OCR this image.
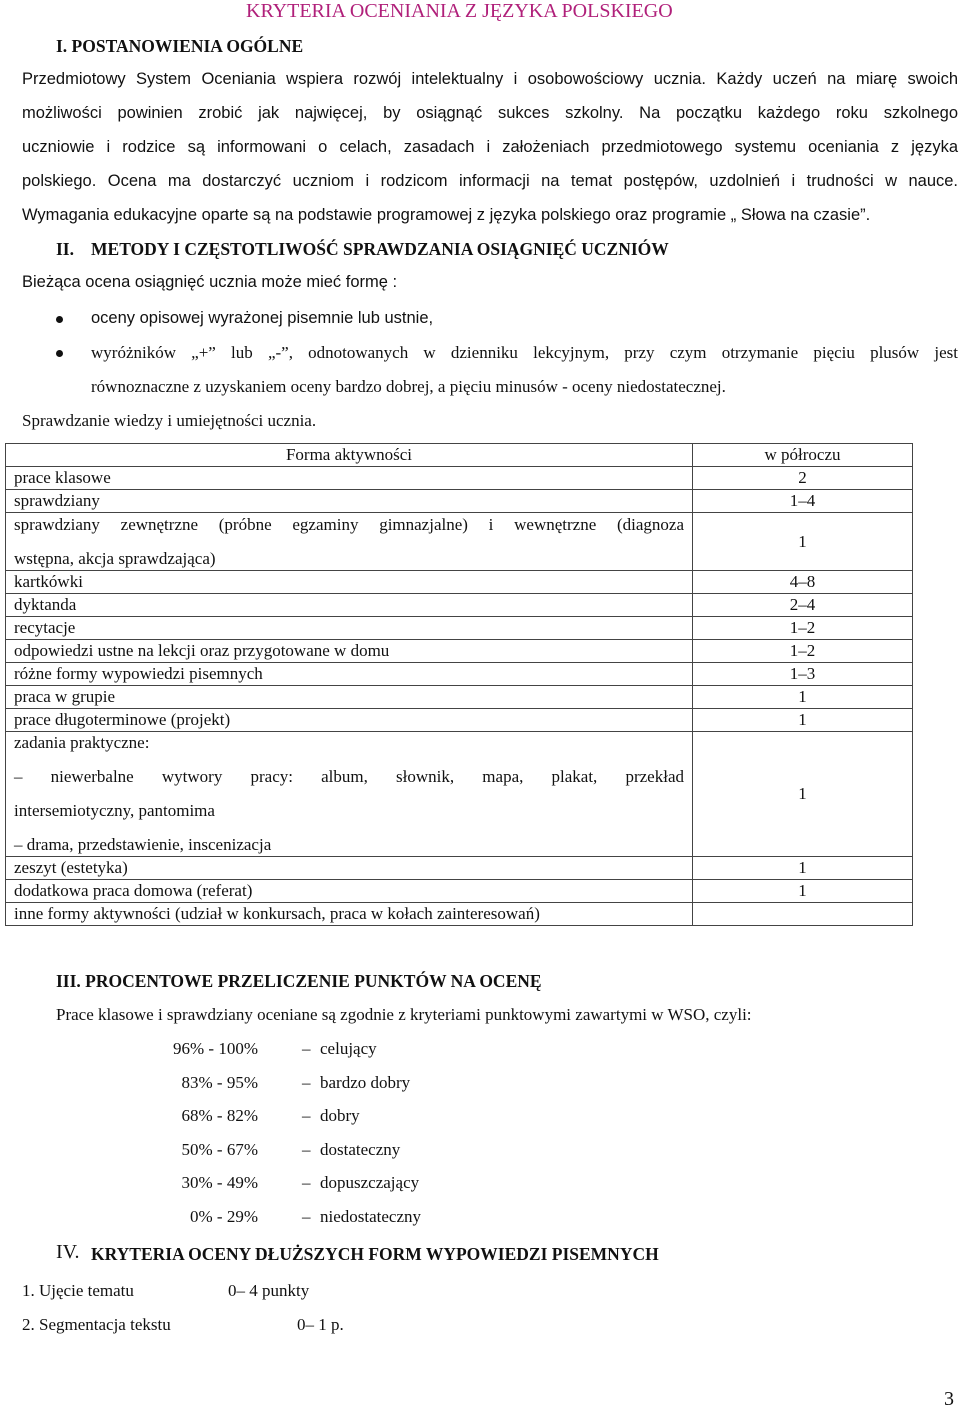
KRYTERIA OCENIANIA Z JĘZYKA POLSKIEGO
I. POSTANOWIENIA OGÓLNE
Przedmiotowy System Oceniania wspiera rozwój intelektualny i osobowościowy ucznia. Każdy uczeń na miarę swoich
możliwości powinien zrobić jak najwięcej, by osiągnąć sukces szkolny. Na początku każdego roku szkolnego
uczniowie i rodzice są informowani o celach, zasadach i założeniach przedmiotowego systemu oceniania z języka
polskiego. Ocena ma dostarczyć uczniom i rodzicom informacji na temat postępów, uzdolnień i trudności w nauce.
Wymagania edukacyjne oparte są na podstawie programowej z języka polskiego oraz programie „ Słowa na czasie”.
II. METODY I CZĘSTOTLIWOŚĆ SPRAWDZANIA OSIĄGNIĘĆ UCZNIÓW
Bieżąca ocena osiągnięć ucznia może mieć formę :
oceny opisowej wyrażonej pisemnie lub ustnie,
wyróżników „+” lub „-”, odnotowanych w dzienniku lekcyjnym, przy czym otrzymanie pięciu plusów jest
równoznaczne z uzyskaniem oceny bardzo dobrej, a pięciu minusów - oceny niedostatecznej.
Sprawdzanie wiedzy i umiejętności ucznia.
Forma aktywności	w półroczu
prace klasowe	2
sprawdziany	1–4

sprawdziany zewnętrzne (próbne egzaminy gimnazjalne) i wewnętrzne (diagnoza
wstępna, akcja sprawdzająca)	1
kartkówki	4–8
dyktanda	2–4
recytacje	1–2
odpowiedzi ustne na lekcji oraz przygotowane w domu	1–2
różne formy wypowiedzi pisemnych	1–3
praca w grupie	1
prace długoterminowe (projekt)	1

zadania praktyczne:
– niewerbalne wytwory pracy: album, słownik, mapa, plakat, przekład
intersemiotyczny, pantomima
– drama, przedstawienie, inscenizacja	1
zeszyt (estetyka)	1
dodatkowa praca domowa (referat)	1
inne formy aktywności (udział w konkursach, praca w kołach zainteresowań)	
III. PROCENTOWE PRZELICZENIE PUNKTÓW NA OCENĘ
Prace klasowe i sprawdziany oceniane są zgodnie z kryteriami punktowymi zawartymi w WSO, czyli:
96% - 100%	– celujący
83% - 95%	– bardzo dobry
68% - 82%	– dobry
50% - 67%	– dostateczny
30% - 49%	– dopuszczający
0% - 29%	– niedostateczny
IV. KRYTERIA OCENY DŁUŻSZYCH FORM WYPOWIEDZI PISEMNYCH
1. Ujęcie tematu	0– 4 punkty
2. Segmentacja tekstu	0– 1 p.
3
